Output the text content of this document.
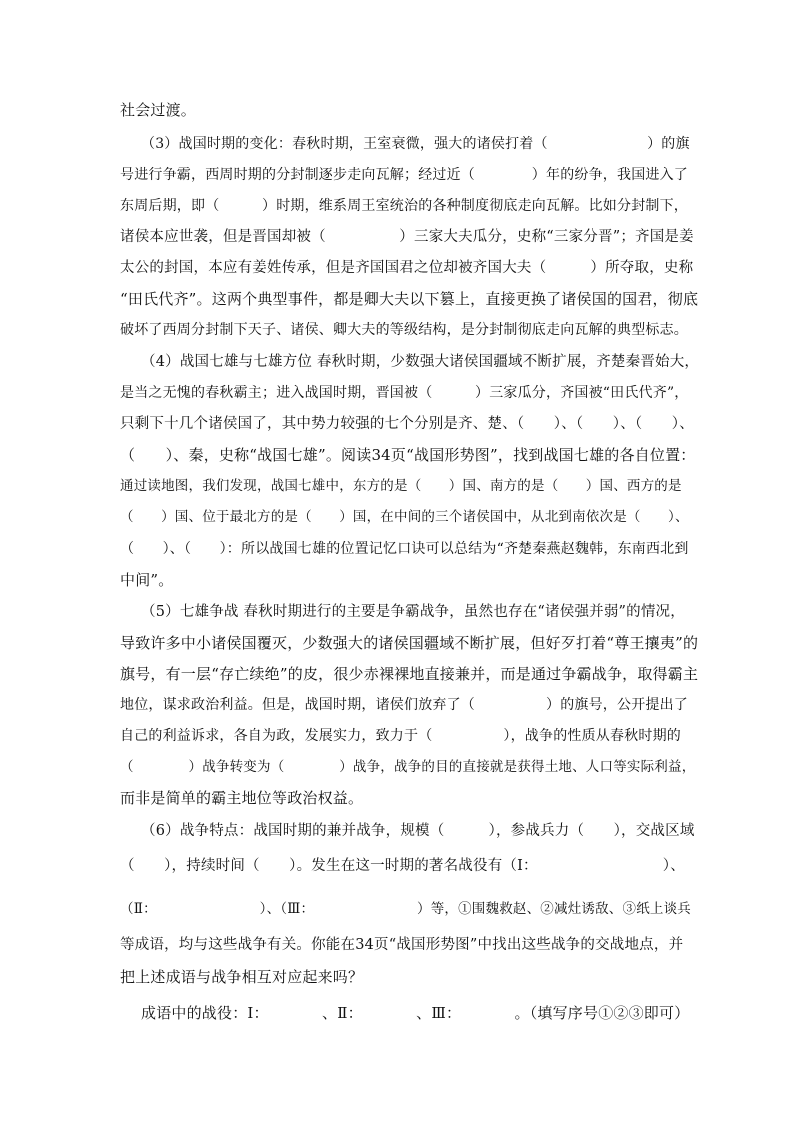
社会过渡。
（3）战国时期的变化：春秋时期，王室衰微，强大的诸侯打着（　　　　　　　）的旗
号进行争霸，西周时期的分封制逐步走向瓦解；经过近（　　　　）年的纷争，我国进入了
东周后期，即（　　　）时期，维系周王室统治的各种制度彻底走向瓦解。比如分封制下，
诸侯本应世袭，但是晋国却被（　　　　　）三家大夫瓜分，史称“三家分晋”；齐国是姜
太公的封国，本应有姜姓传承，但是齐国国君之位却被齐国大夫（　　　）所夺取，史称
“田氏代齐”。这两个典型事件，都是卿大夫以下篡上，直接更换了诸侯国的国君，彻底
破坏了西周分封制下天子、诸侯、卿大夫的等级结构，是分封制彻底走向瓦解的典型标志。
（4）战国七雄与七雄方位 春秋时期，少数强大诸侯国疆域不断扩展，齐楚秦晋始大，
是当之无愧的春秋霸主；进入战国时期，晋国被（　　　）三家瓜分，齐国被“田氏代齐”，
只剩下十几个诸侯国了，其中势力较强的七个分别是齐、楚、（　　）、（　　）、（　　）、
（　　）、秦，史称“战国七雄”。阅读34页“战国形势图”，找到战国七雄的各自位置：
通过读地图，我们发现，战国七雄中，东方的是（　　）国、南方的是（　　）国、西方的是
（　　）国、位于最北方的是（　　）国，在中间的三个诸侯国中，从北到南依次是（　　）、
（　　）、（　　）：所以战国七雄的位置记忆口诀可以总结为“齐楚秦燕赵魏韩，东南西北到
中间”。
（5）七雄争战 春秋时期进行的主要是争霸战争，虽然也存在“诸侯强并弱”的情况，
导致许多中小诸侯国覆灭，少数强大的诸侯国疆域不断扩展，但好歹打着“尊王攘夷”的
旗号，有一层“存亡续绝”的皮，很少赤裸裸地直接兼并，而是通过争霸战争，取得霸主
地位，谋求政治利益。但是，战国时期，诸侯们放弃了（　　　　　）的旗号，公开提出了
自己的利益诉求，各自为政，发展实力，致力于（　　　　　），战争的性质从春秋时期的
（　　　　）战争转变为（　　　　）战争，战争的目的直接就是获得土地、人口等实际利益，
而非是简单的霸主地位等政治权益。
（6）战争特点：战国时期的兼并战争，规模（　　　），参战兵力（　　），交战区域
（　　），持续时间（　　）。发生在这一时期的著名战役有（Ⅰ：　　　　　　　　　）、
（Ⅱ：　　　　　　　　）、（Ⅲ：　　　　　　　　）等，①围魏救赵、②减灶诱敌、③纸上谈兵
等成语，均与这些战争有关。你能在34页“战国形势图”中找出这些战争的交战地点，并
把上述成语与战争相互对应起来吗？
成语中的战役：Ⅰ：　　　　、Ⅱ：　　　　、Ⅲ：　　　　。（填写序号①②③即可）
